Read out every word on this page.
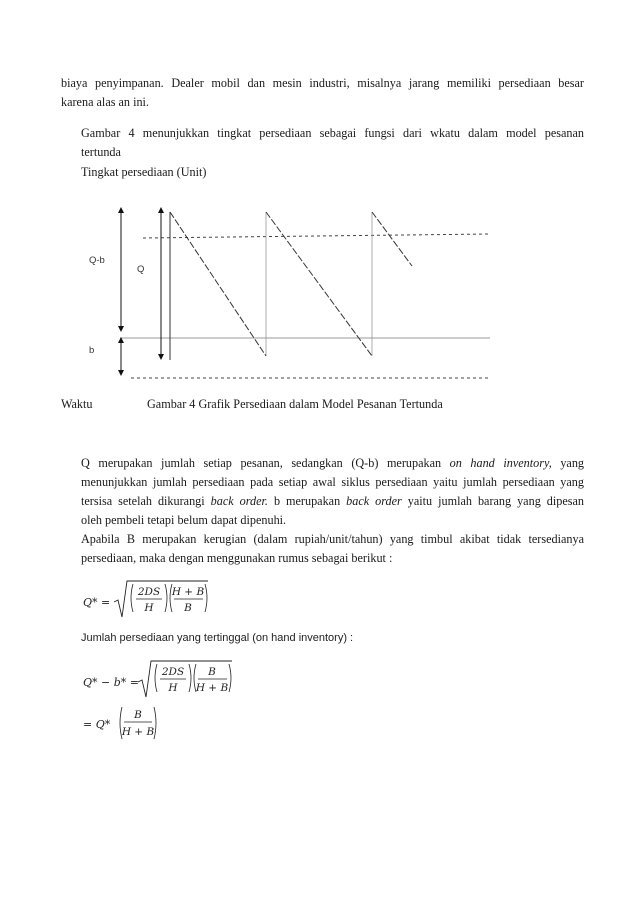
biaya penyimpanan. Dealer mobil dan mesin industri, misalnya jarang memiliki persediaan besar
karena alas an ini.
Gambar 4 menunjukkan tingkat persediaan sebagai fungsi dari wkatu dalam model pesanan
tertunda
Tingkat persediaan (Unit)
Q-b
Q
b
Waktu	Gambar 4 Grafik Persediaan dalam Model Pesanan Tertunda
Q merupakan jumlah setiap pesanan, sedangkan (Q-b) merupakan on hand inventory, yang
menunjukkan jumlah persediaan pada setiap awal siklus persediaan yaitu jumlah persediaan yang
tersisa setelah dikurangi back order. b merupakan back order yaitu jumlah barang yang dipesan
oleh pembeli tetapi belum dapat dipenuhi.
Apabila B merupakan kerugian (dalam rupiah/unit/tahun) yang timbul akibat tidak tersedianya
persediaan, maka dengan menggunakan rumus sebagai berikut :
Q* =
2DS
H
H + B
B
Jumlah persediaan yang tertinggal (on hand inventory) :
Q* − b* =
2DS
H
B
H + B
= Q*
B
H + B
